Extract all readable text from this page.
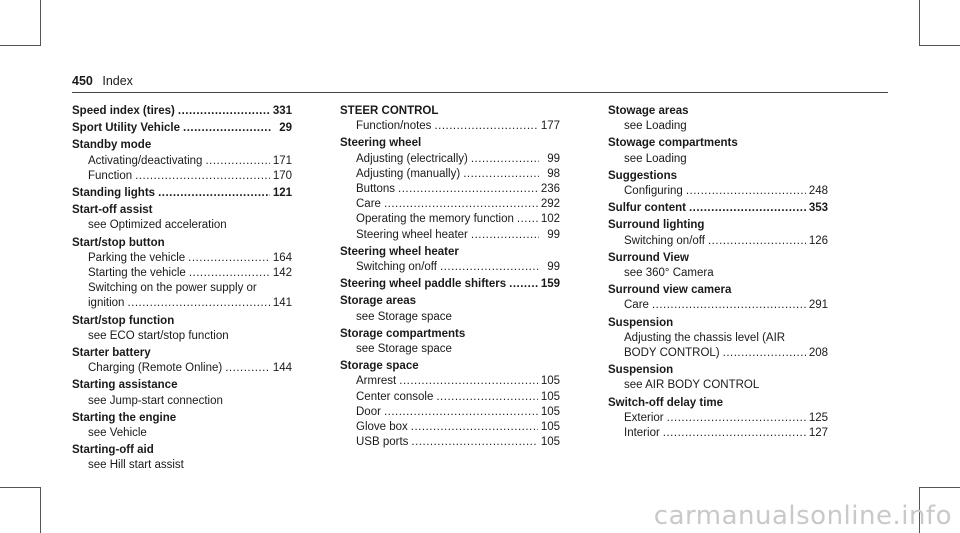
450 Index
Speed index (tires) .....	331
Sport Utility Vehicle .....	29
Standby mode
Activating/deactivating .....	171
Function .....	170
Standing lights .....	121
Start-off assist
see Optimized acceleration
Start/stop button
Parking the vehicle .....	164
Starting the vehicle .....	142
Switching on the power supply or
ignition .....	141
Start/stop function
see ECO start/stop function
Starter battery
Charging (Remote Online) .....	144
Starting assistance
see Jump-start connection
Starting the engine
see Vehicle
Starting-off aid
see Hill start assist
STEER CONTROL
Function/notes .....	177
Steering wheel
Adjusting (electrically) .....	99
Adjusting (manually) .....	98
Buttons .....	236
Care .....	292
Operating the memory function ..... 102
Steering wheel heater .....	99
Steering wheel heater
Switching on/off .....	99
Steering wheel paddle shifters .....	159
Storage areas
see Storage space
Storage compartments
see Storage space
Storage space
Armrest .....	105
Center console .....	105
Door .....	105
Glove box .....	105
USB ports .....	105
Stowage areas
see Loading
Stowage compartments
see Loading
Suggestions
Configuring .....	248
Sulfur content .....	353
Surround lighting
Switching on/off .....	126
Surround View
see 360° Camera
Surround view camera
Care .....	291
Suspension
Adjusting the chassis level (AIR
BODY CONTROL) .....	208
Suspension
see AIR BODY CONTROL
Switch-off delay time
Exterior .....	125
Interior .....	127
carmanualsonline.info
